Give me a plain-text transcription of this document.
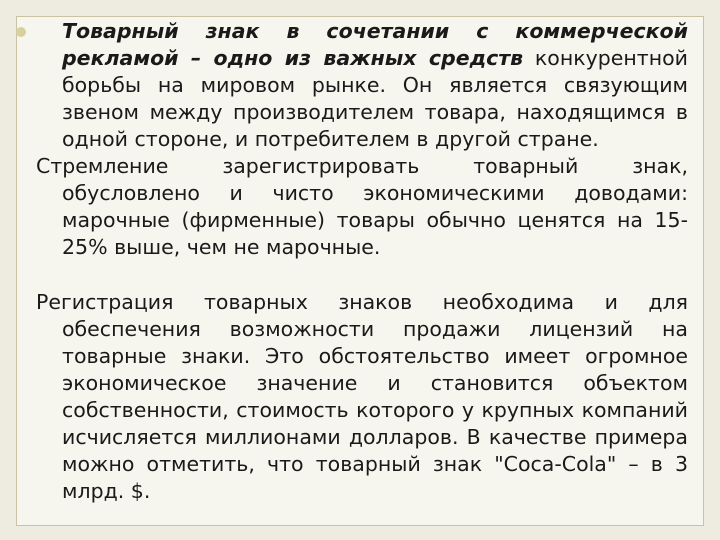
Товарный знак в сочетании с коммерческой рекламой – одно из важных средств конкурентной борьбы на мировом рынке. Он является связующим звеном между производителем товара, находящимся в одной стороне, и потребителем в другой стране.

Стремление зарегистрировать товарный знак, обусловлено и чисто экономическими доводами: марочные (фирменные) товары обычно ценятся на 15-25% выше, чем не марочные.

Регистрация товарных знаков необходима и для обеспечения возможности продажи лицензий на товарные знаки. Это обстоятельство имеет огромное экономическое значение и становится объектом собственности, стоимость которого у крупных компаний исчисляется миллионами долларов. В качестве примера можно отметить, что товарный знак "Coca-Cola" – в 3 млрд. $.
